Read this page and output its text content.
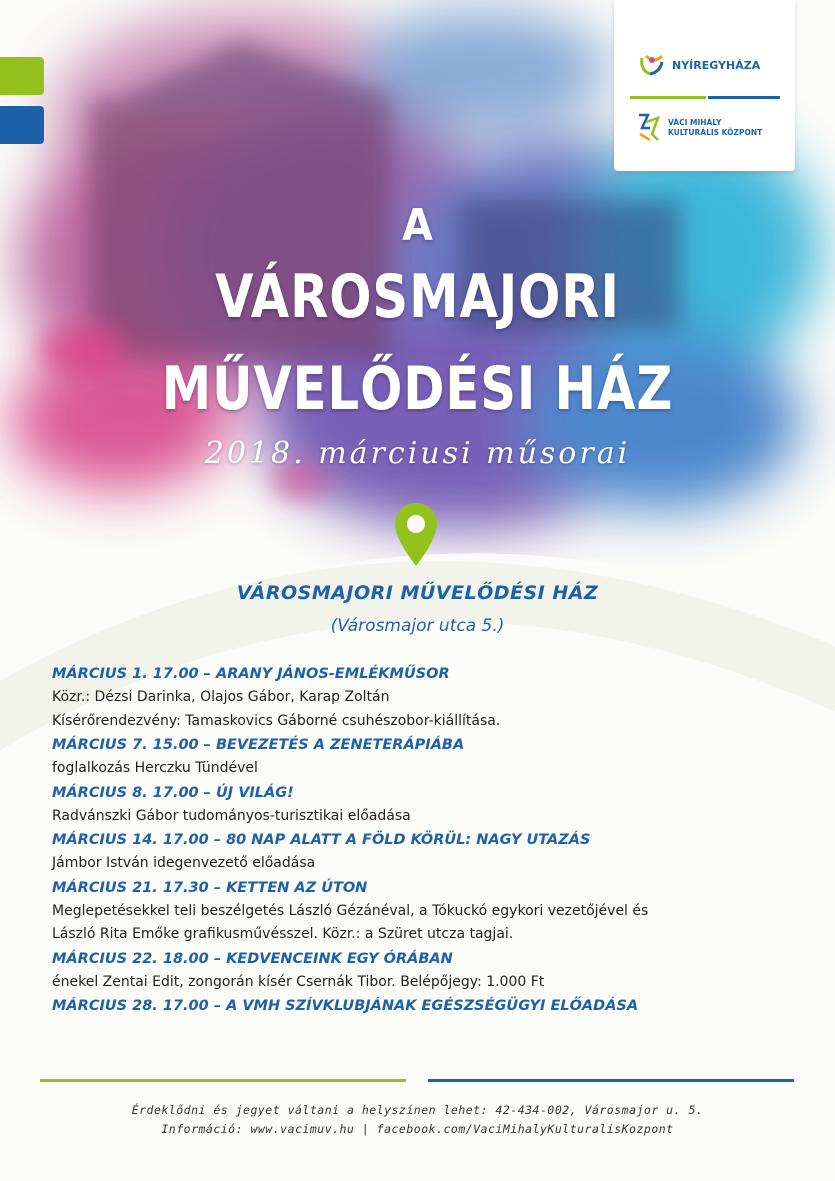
NYÍREGYHÁZA
VÁCI MIHÁLY
KULTURÁLIS KÖZPONT
A
VÁROSMAJORI
MŰVELŐDÉSI HÁZ
2018. márciusi műsorai
VÁROSMAJORI MŰVELŐDÉSI HÁZ
(Városmajor utca 5.)
MÁRCIUS 1. 17.00 – ARANY JÁNOS-EMLÉKMŰSOR
Közr.: Dézsi Darinka, Olajos Gábor, Karap Zoltán
Kísérőrendezvény: Tamaskovics Gáborné csuhészobor-kiállítása.
MÁRCIUS 7. 15.00 – BEVEZETÉS A ZENETERÁPIÁBA
foglalkozás Herczku Tündével
MÁRCIUS 8. 17.00 – ÚJ VILÁG!
Radvánszki Gábor tudományos-turisztikai előadása
MÁRCIUS 14. 17.00 – 80 NAP ALATT A FÖLD KÖRÜL: NAGY UTAZÁS
Jámbor István idegenvezető előadása
MÁRCIUS 21. 17.30 – KETTEN AZ ÚTON
Meglepetésekkel teli beszélgetés László Gézánéval, a Tókuckó egykori vezetőjével és
László Rita Emőke grafikusművésszel. Közr.: a Szüret utcza tagjai.
MÁRCIUS 22. 18.00 – KEDVENCEINK EGY ÓRÁBAN
énekel Zentai Edit, zongorán kísér Csernák Tibor. Belépőjegy: 1.000 Ft
MÁRCIUS 28. 17.00 – A VMH SZÍVKLUBJÁNAK EGÉSZSÉGÜGYI ELŐADÁSA
Érdeklődni és jegyet váltani a helyszínen lehet: 42-434-002, Városmajor u. 5.
Információ: www.vacimuv.hu | facebook.com/VaciMihalyKulturalisKozpont
